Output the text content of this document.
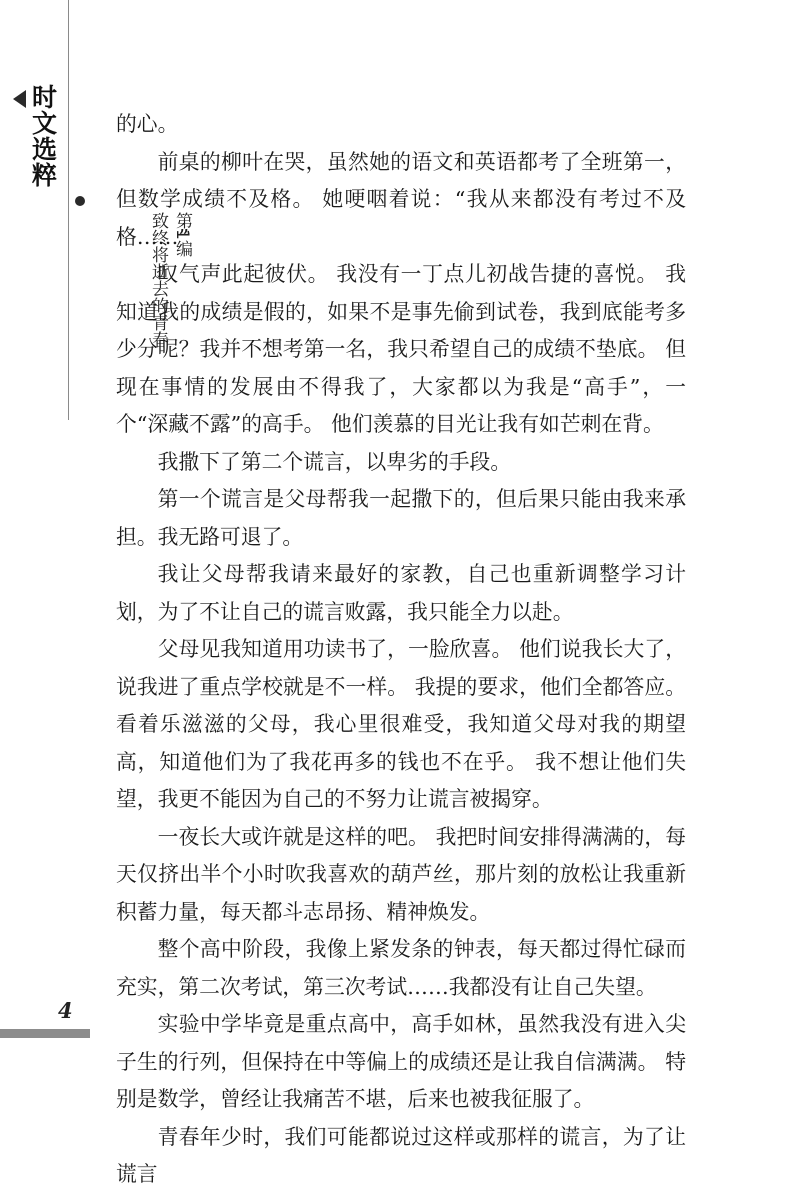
时文选粹
第1编
致终将逝去的青春

的心。

前桌的柳叶在哭，虽然她的语文和英语都考了全班第一，但数学成绩不及格。 她哽咽着说：“我从来都没有考过不及格……”

叹气声此起彼伏。 我没有一丁点儿初战告捷的喜悦。 我知道我的成绩是假的，如果不是事先偷到试卷，我到底能考多少分呢？我并不想考第一名，我只希望自己的成绩不垫底。 但现在事情的发展由不得我了，大家都以为我是“高手”，一个“深藏不露”的高手。 他们羡慕的目光让我有如芒刺在背。

我撒下了第二个谎言，以卑劣的手段。

第一个谎言是父母帮我一起撒下的，但后果只能由我来承担。我无路可退了。

我让父母帮我请来最好的家教，自己也重新调整学习计划，为了不让自己的谎言败露，我只能全力以赴。

父母见我知道用功读书了，一脸欣喜。 他们说我长大了，说我进了重点学校就是不一样。 我提的要求，他们全都答应。 看着乐滋滋的父母，我心里很难受，我知道父母对我的期望高，知道他们为了我花再多的钱也不在乎。 我不想让他们失望，我更不能因为自己的不努力让谎言被揭穿。

一夜长大或许就是这样的吧。 我把时间安排得满满的，每天仅挤出半个小时吹我喜欢的葫芦丝，那片刻的放松让我重新积蓄力量，每天都斗志昂扬、精神焕发。

整个高中阶段，我像上紧发条的钟表，每天都过得忙碌而充实，第二次考试，第三次考试……我都没有让自己失望。

实验中学毕竟是重点高中，高手如林，虽然我没有进入尖子生的行列，但保持在中等偏上的成绩还是让我自信满满。 特别是数学，曾经让我痛苦不堪，后来也被我征服了。

青春年少时，我们可能都说过这样或那样的谎言，为了让谎言

4
